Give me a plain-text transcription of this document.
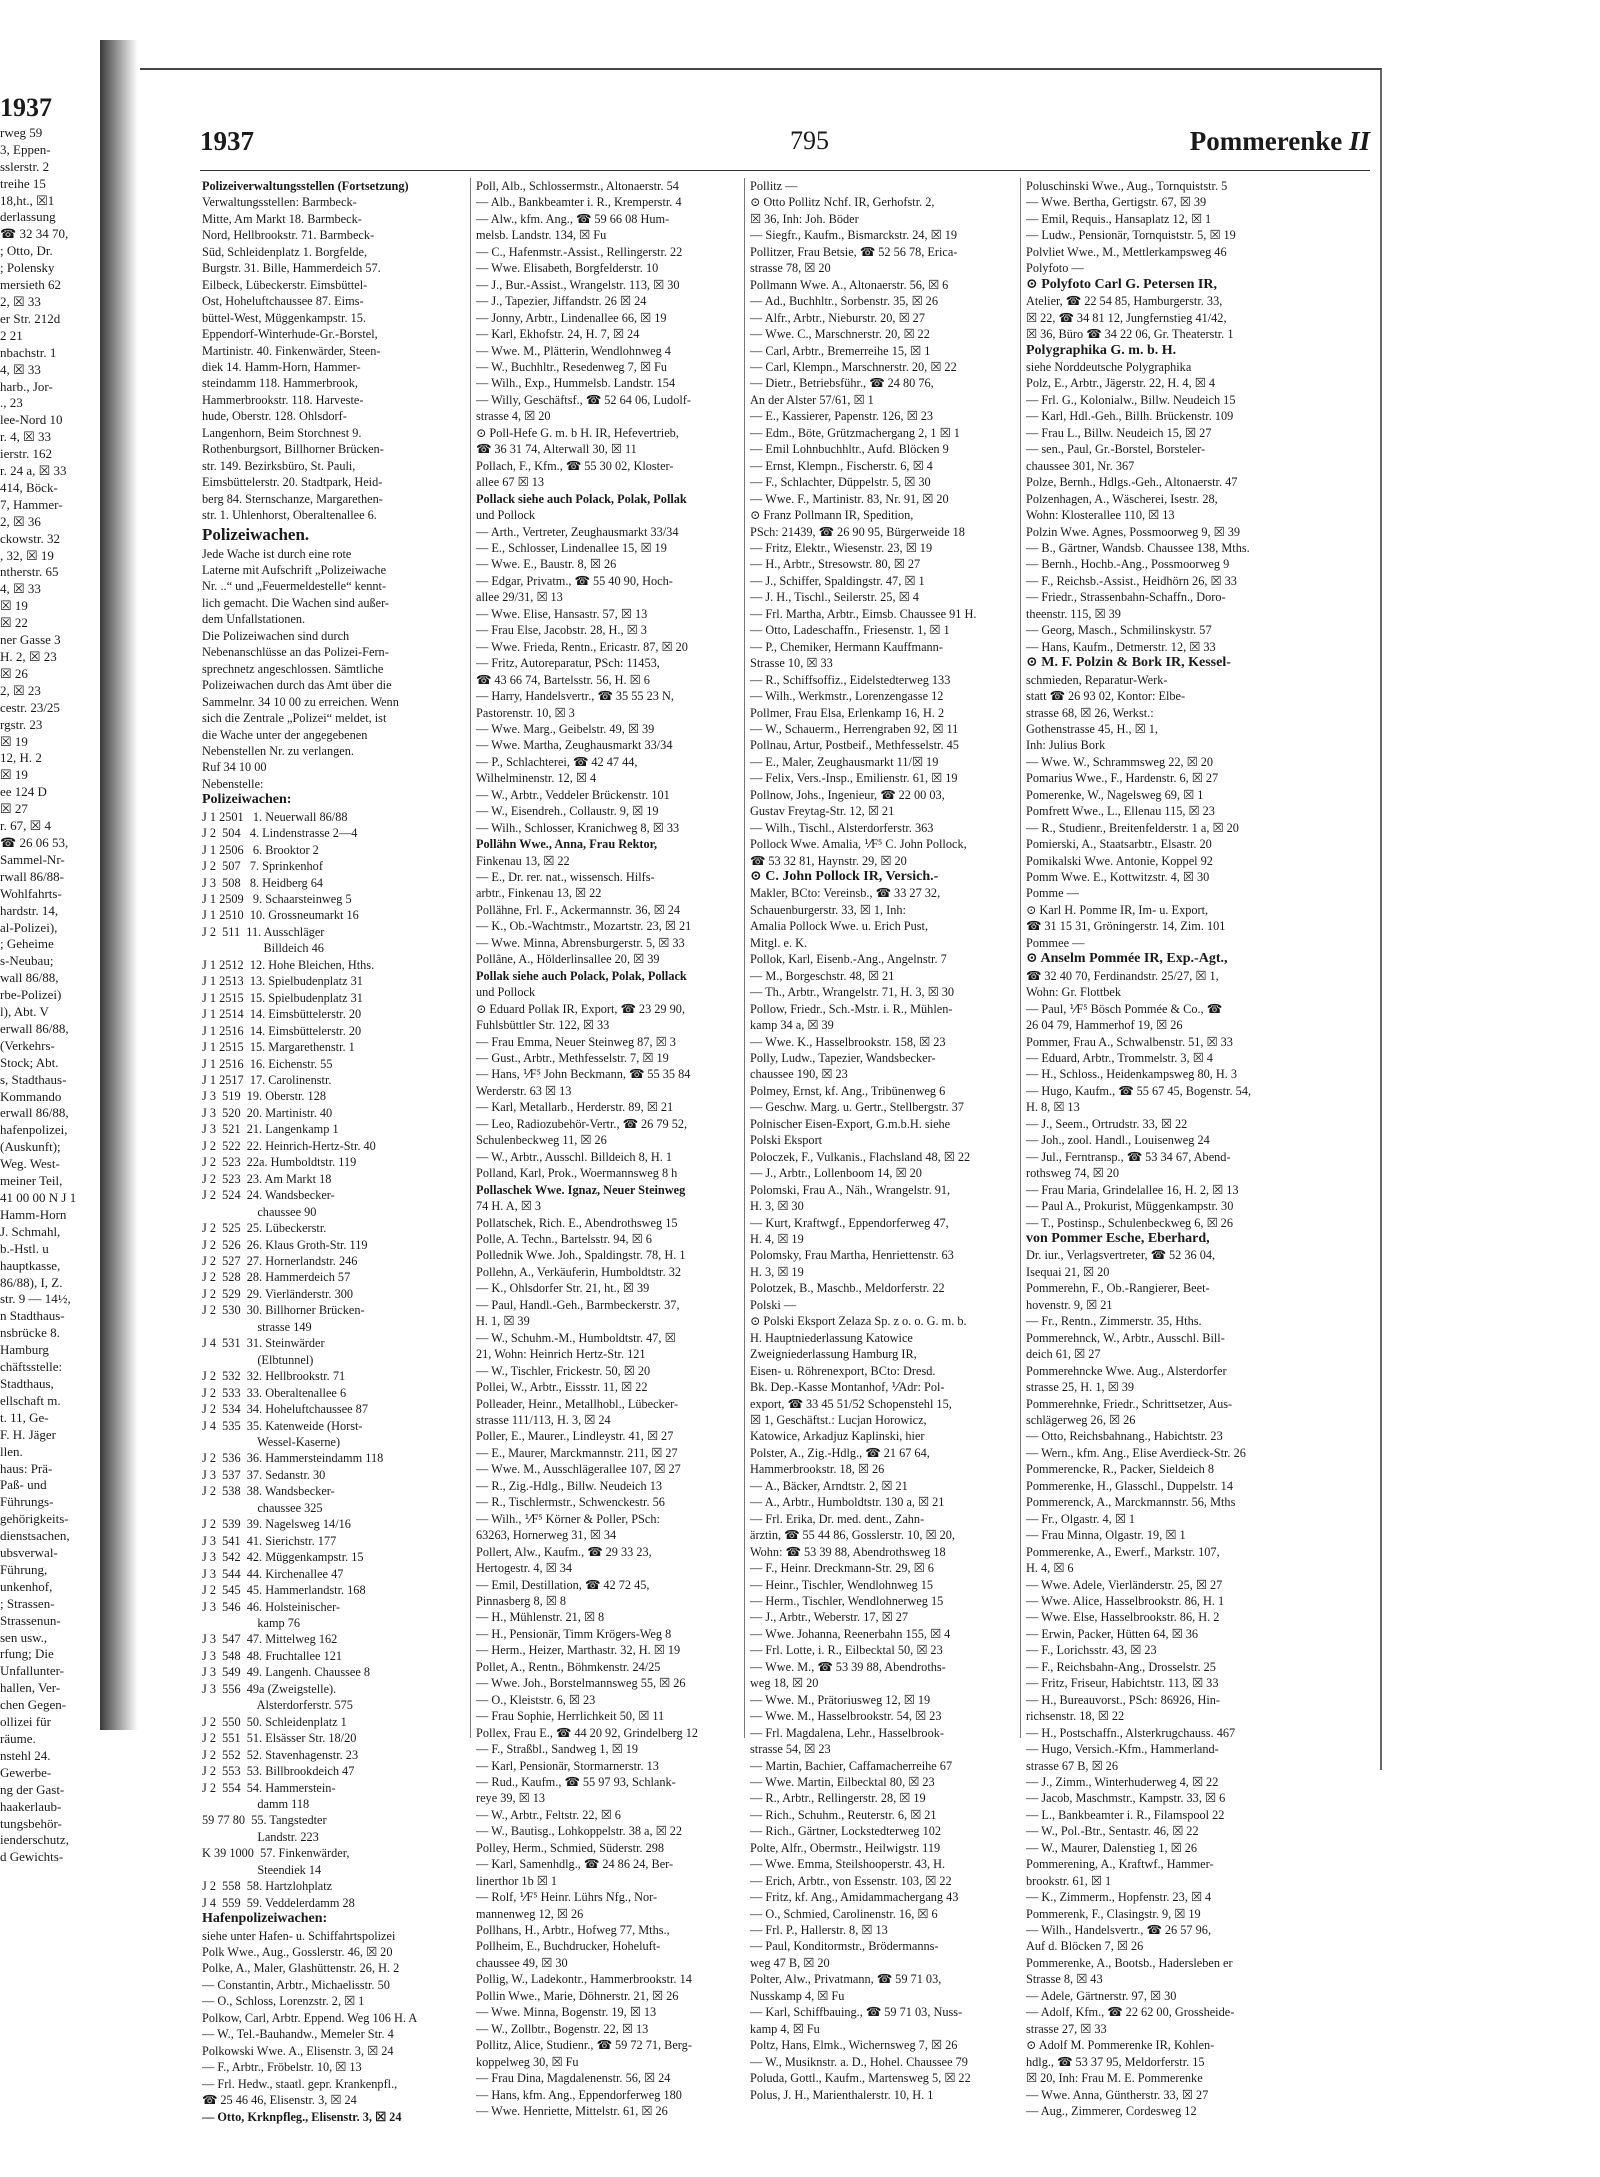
1937
rweg 59
3, Eppen-
sslerstr. 2
treihe 15
18,ht., ☒1
derlassung
☎ 32 34 70,
; Otto, Dr.
; Polensky
mersieth 62
2, ☒ 33
er Str. 212d
2 21
nbachstr. 1
4, ☒ 33
harb., Jor-
., 23
lee-Nord 10
r. 4, ☒ 33
ierstr. 162
r. 24 a, ☒ 33
414, Böck-
7, Hammer-
2, ☒ 36
ckowstr. 32
, 32, ☒ 19
ntherstr. 65
4, ☒ 33
☒ 19
☒ 22
ner Gasse 3
H. 2, ☒ 23
☒ 26
2, ☒ 23
cestr. 23/25
rgstr. 23
☒ 19
12, H. 2
☒ 19
ee 124 D
☒ 27
r. 67, ☒ 4
☎ 26 06 53,
Sammel-Nr-
rwall 86/88-
Wohlfahrts-
hardstr. 14,
al-Polizei),
; Geheime
s-Neubau;
wall 86/88,
rbe-Polizei)
l), Abt. V
erwall 86/88,
(Verkehrs-
Stock; Abt.
s, Stadthaus-
Kommando
erwall 86/88,
hafenpolizei,
(Auskunft);
Weg. West-
meiner Teil,
41 00 00 N J 1
Hamm-Horn
J. Schmahl,
b.-Hstl. u
hauptkasse,
86/88), I, Z.
str. 9 — 14½,
n Stadthaus-
nsbrücke 8.
Hamburg
chäftsstelle:
Stadthaus,
ellschaft m.
t. 11, Ge-
F. H. Jäger
llen.
haus: Prä-
Paß- und
Führungs-
gehörigkeits-
dienstsachen,
ubsverwal-
Führung,
unkenhof,
; Strassen-
Strassenun-
sen usw.,
rfung; Die
Unfallunter-
hallen, Ver-
chen Gegen-
ollizei für
räume.
nstehl 24.
Gewerbe-
ng der Gast-
haakerlaub-
tungsbehör-
ienderschutz,
d Gewichts-
1937	795	Pommerenke II
Polizeiverwaltungsstellen (Fortsetzung)
Verwaltungsstellen: Barmbeck-
Mitte, Am Markt 18. Barmbeck-
Nord, Hellbrookstr. 71. Barmbeck-
Süd, Schleidenplatz 1. Borgfelde,
Burgstr. 31. Bille, Hammerdeich 57.
Eilbeck, Lübeckerstr. Eimsbüttel-
Ost, Hoheluftchaussee 87. Eims-
büttel-West, Müggenkampstr. 15.
Eppendorf-Winterhude-Gr.-Borstel,
Martinistr. 40. Finkenwärder, Steen-
diek 14. Hamm-Horn, Hammer-
steindamm 118. Hammerbrook,
Hammerbrookstr. 118. Harveste-
hude, Oberstr. 128. Ohlsdorf-
Langenhorn, Beim Storchnest 9.
Rothenburgsort, Billhorner Brücken-
str. 149. Bezirksbüro, St. Pauli,
Eimsbüttelerstr. 20. Stadtpark, Heid-
berg 84. Sternschanze, Margarethen-
str. 1. Uhlenhorst, Oberaltenallee 6.
Polizeiwachen.
Jede Wache ist durch eine rote
Laterne mit Aufschrift „Polizeiwache
Nr. ..“ und „Feuermeldestelle“ kennt-
lich gemacht. Die Wachen sind außer-
dem Unfallstationen.
Die Polizeiwachen sind durch
Nebenanschlüsse an das Polizei-Fern-
sprechnetz angeschlossen. Sämtliche
Polizeiwachen durch das Amt über die
Sammelnr. 34 10 00 zu erreichen. Wenn
sich die Zentrale „Polizei“ meldet, ist
die Wache unter der angegebenen
Nebenstellen Nr. zu verlangen.
Ruf 34 10 00
Nebenstelle:
Polizeiwachen:
J 1 2501   1. Neuerwall 86/88
J 2  504   4. Lindenstrasse 2—4
J 1 2506   6. Brooktor 2
J 2  507   7. Sprinkenhof
J 3  508   8. Heidberg 64
J 1 2509   9. Schaarsteinweg 5
J 1 2510  10. Grossneumarkt 16
J 2  511  11. Ausschläger
Billdeich 46
J 1 2512  12. Hohe Bleichen, Hths.
J 1 2513  13. Spielbudenplatz 31
J 1 2515  15. Spielbudenplatz 31
J 1 2514  14. Eimsbüttelerstr. 20
J 1 2516  14. Eimsbüttelerstr. 20
J 1 2515  15. Margarethenstr. 1
J 1 2516  16. Eichenstr. 55
J 1 2517  17. Carolinenstr.
J 3  519  19. Oberstr. 128
J 3  520  20. Martinistr. 40
J 3  521  21. Langenkamp 1
J 2  522  22. Heinrich-Hertz-Str. 40
J 2  523  22a. Humboldtstr. 119
J 2  523  23. Am Markt 18
J 2  524  24. Wandsbecker-
chaussee 90
J 2  525  25. Lübeckerstr.
J 2  526  26. Klaus Groth-Str. 119
J 2  527  27. Hornerlandstr. 246
J 2  528  28. Hammerdeich 57
J 2  529  29. Vierländerstr. 300
J 2  530  30. Billhorner Brücken-
strasse 149
J 4  531  31. Steinwärder
(Elbtunnel)
J 2  532  32. Hellbrookstr. 71
J 2  533  33. Oberaltenallee 6
J 2  534  34. Hoheluftchaussee 87
J 4  535  35. Katenweide (Horst-
Wessel-Kaserne)
J 2  536  36. Hammersteindamm 118
J 3  537  37. Sedanstr. 30
J 2  538  38. Wandsbecker-
chaussee 325
J 2  539  39. Nagelsweg 14/16
J 3  541  41. Sierichstr. 177
J 3  542  42. Müggenkampstr. 15
J 3  544  44. Kirchenallee 47
J 2  545  45. Hammerlandstr. 168
J 3  546  46. Holsteinischer-
kamp 76
J 3  547  47. Mittelweg 162
J 3  548  48. Fruchtallee 121
J 3  549  49. Langenh. Chaussee 8
J 3  556  49a (Zweigstelle).
Alsterdorferstr. 575
J 2  550  50. Schleidenplatz 1
J 2  551  51. Elsässer Str. 18/20
J 2  552  52. Stavenhagenstr. 23
J 2  553  53. Billbrookdeich 47
J 2  554  54. Hammerstein-
damm 118
59 77 80  55. Tangstedter
Landstr. 223
K 39 1000  57. Finkenwärder,
Steendiek 14
J 2  558  58. Hartzlohplatz
J 4  559  59. Veddelerdamm 28
Hafenpolizeiwachen:
siehe unter Hafen- u. Schiffahrtspolizei
Polk Wwe., Aug., Gosslerstr. 46, ☒ 20
Polke, A., Maler, Glashüttenstr. 26, H. 2
— Constantin, Arbtr., Michaelisstr. 50
— O., Schloss, Lorenzstr. 2, ☒ 1
Polkow, Carl, Arbtr. Eppend. Weg 106 H. A
— W., Tel.-Bauhandw., Memeler Str. 4
Polkowski Wwe. A., Elisenstr. 3, ☒ 24
— F., Arbtr., Fröbelstr. 10, ☒ 13
— Frl. Hedw., staatl. gepr. Krankenpfl.,
☎ 25 46 46, Elisenstr. 3, ☒ 24
— Otto, Krknpfleg., Elisenstr. 3, ☒ 24
Poll, Alb., Schlossermstr., Altonaerstr. 54
— Alb., Bankbeamter i. R., Kremperstr. 4
— Alw., kfm. Ang., ☎ 59 66 08 Hum-
melsb. Landstr. 134, ☒ Fu
— C., Hafenmstr.-Assist., Rellingerstr. 22
— Wwe. Elisabeth, Borgfelderstr. 10
— J., Bur.-Assist., Wrangelstr. 113, ☒ 30
— J., Tapezier, Jiffandstr. 26 ☒ 24
— Jonny, Arbtr., Lindenallee 66, ☒ 19
— Karl, Ekhofstr. 24, H. 7, ☒ 24
— Wwe. M., Plätterin, Wendlohnweg 4
— W., Buchhltr., Resedenweg 7, ☒ Fu
— Wilh., Exp., Hummelsb. Landstr. 154
— Willy, Geschäftsf., ☎ 52 64 06, Ludolf-
strasse 4, ☒ 20
⊙ Poll-Hefe G. m. b H. IR, Hefevertrieb,
☎ 36 31 74, Alterwall 30, ☒ 11
Pollach, F., Kfm., ☎ 55 30 02, Kloster-
allee 67 ☒ 13
Pollack siehe auch Polack, Polak, Pollak
und Pollock
— Arth., Vertreter, Zeughausmarkt 33/34
— E., Schlosser, Lindenallee 15, ☒ 19
— Wwe. E., Baustr. 8, ☒ 26
— Edgar, Privatm., ☎ 55 40 90, Hoch-
allee 29/31, ☒ 13
— Wwe. Elise, Hansastr. 57, ☒ 13
— Frau Else, Jacobstr. 28, H., ☒ 3
— Wwe. Frieda, Rentn., Ericastr. 87, ☒ 20
— Fritz, Autoreparatur, PSch: 11453,
☎ 43 66 74, Bartelsstr. 56, H. ☒ 6
— Harry, Handelsvertr., ☎ 35 55 23 N,
Pastorenstr. 10, ☒ 3
— Wwe. Marg., Geibelstr. 49, ☒ 39
— Wwe. Martha, Zeughausmarkt 33/34
— P., Schlachterei, ☎ 42 47 44,
Wilhelminenstr. 12, ☒ 4
— W., Arbtr., Veddeler Brückenstr. 101
— W., Eisendreh., Collaustr. 9, ☒ 19
— Wilh., Schlosser, Kranichweg 8, ☒ 33
Pollähn Wwe., Anna, Frau Rektor,
Finkenau 13, ☒ 22
— E., Dr. rer. nat., wissensch. Hilfs-
arbtr., Finkenau 13, ☒ 22
Pollähne, Frl. F., Ackermannstr. 36, ☒ 24
— K., Ob.-Wachtmstr., Mozartstr. 23, ☒ 21
— Wwe. Minna, Abrensburgerstr. 5, ☒ 33
Pollâne, A., Hölderlinsallee 20, ☒ 39
Pollak siehe auch Polack, Polak, Pollack
und Pollock
⊙ Eduard Pollak IR, Export, ☎ 23 29 90,
Fuhlsbüttler Str. 122, ☒ 33
— Frau Emma, Neuer Steinweg 87, ☒ 3
— Gust., Arbtr., Methfesselstr. 7, ☒ 19
— Hans, ⅟F⁵ John Beckmann, ☎ 55 35 84
Werderstr. 63 ☒ 13
— Karl, Metallarb., Herderstr. 89, ☒ 21
— Leo, Radiozubehör-Vertr., ☎ 26 79 52,
Schulenbeckweg 11, ☒ 26
— W., Arbtr., Ausschl. Billdeich 8, H. 1
Polland, Karl, Prok., Woermannsweg 8 h
Pollaschek Wwe. Ignaz, Neuer Steinweg
74 H. A, ☒ 3
Pollatschek, Rich. E., Abendrothsweg 15
Polle, A. Techn., Bartelsstr. 94, ☒ 6
Pollednik Wwe. Joh., Spaldingstr. 78, H. 1
Pollehn, A., Verkäuferin, Humboldtstr. 32
— K., Ohlsdorfer Str. 21, ht., ☒ 39
— Paul, Handl.-Geh., Barmbeckerstr. 37,
H. 1, ☒ 39
— W., Schuhm.-M., Humboldtstr. 47, ☒
21, Wohn: Heinrich Hertz-Str. 121
— W., Tischler, Frickestr. 50, ☒ 20
Pollei, W., Arbtr., Eissstr. 11, ☒ 22
Polleader, Heinr., Metallhobl., Lübecker-
strasse 111/113, H. 3, ☒ 24
Poller, E., Maurer., Lindleystr. 41, ☒ 27
— E., Maurer, Marckmannstr. 211, ☒ 27
— Wwe. M., Ausschlägerallee 107, ☒ 27
— R., Zig.-Hdlg., Billw. Neudeich 13
— R., Tischlermstr., Schwenckestr. 56
— Wilh., ⅟F⁵ Körner & Poller, PSch:
63263, Hornerweg 31, ☒ 34
Pollert, Alw., Kaufm., ☎ 29 33 23,
Hertogestr. 4, ☒ 34
— Emil, Destillation, ☎ 42 72 45,
Pinnasberg 8, ☒ 8
— H., Mühlenstr. 21, ☒ 8
— H., Pensionär, Timm Krögers-Weg 8
— Herm., Heizer, Marthastr. 32, H. ☒ 19
Pollet, A., Rentn., Böhmkenstr. 24/25
— Wwe. Joh., Borstelmannsweg 55, ☒ 26
— O., Kleiststr. 6, ☒ 23
— Frau Sophie, Herrlichkeit 50, ☒ 11
Pollex, Frau E., ☎ 44 20 92, Grindelberg 12
— F., Straßbl., Sandweg 1, ☒ 19
— Karl, Pensionär, Stormarnerstr. 13
— Rud., Kaufm., ☎ 55 97 93, Schlank-
reye 39, ☒ 13
— W., Arbtr., Feltstr. 22, ☒ 6
— W., Bautisg., Lohkoppelstr. 38 a, ☒ 22
Polley, Herm., Schmied, Süderstr. 298
— Karl, Samenhdlg., ☎ 24 86 24, Ber-
linerthor 1b ☒ 1
— Rolf, ⅟F⁵ Heinr. Lührs Nfg., Nor-
mannenweg 12, ☒ 26
Pollhans, H., Arbtr., Hofweg 77, Mths.,
Pollheim, E., Buchdrucker, Hoheluft-
chaussee 49, ☒ 30
Pollig, W., Ladekontr., Hammerbrookstr. 14
Pollin Wwe., Marie, Döhnerstr. 21, ☒ 26
— Wwe. Minna, Bogenstr. 19, ☒ 13
— W., Zollbtr., Bogenstr. 22, ☒ 13
Pollitz, Alice, Studienr., ☎ 59 72 71, Berg-
koppelweg 30, ☒ Fu
— Frau Dina, Magdalenenstr. 56, ☒ 24
— Hans, kfm. Ang., Eppendorferweg 180
— Wwe. Henriette, Mittelstr. 61, ☒ 26
Pollitz —
⊙ Otto Pollitz Nchf. IR, Gerhofstr. 2,
☒ 36, Inh: Joh. Böder
— Siegfr., Kaufm., Bismarckstr. 24, ☒ 19
Pollitzer, Frau Betsie, ☎ 52 56 78, Erica-
strasse 78, ☒ 20
Pollmann Wwe. A., Altonaerstr. 56, ☒ 6
— Ad., Buchhltr., Sorbenstr. 35, ☒ 26
— Alfr., Arbtr., Nieburstr. 20, ☒ 27
— Wwe. C., Marschnerstr. 20, ☒ 22
— Carl, Arbtr., Bremerreihe 15, ☒ 1
— Carl, Klempn., Marschnerstr. 20, ☒ 22
— Dietr., Betriebsführ., ☎ 24 80 76,
An der Alster 57/61, ☒ 1
— E., Kassierer, Papenstr. 126, ☒ 23
— Edm., Böte, Grützmachergang 2, 1 ☒ 1
— Emil Lohnbuchhltr., Aufd. Blöcken 9
— Ernst, Klempn., Fischerstr. 6, ☒ 4
— F., Schlachter, Düppelstr. 5, ☒ 30
— Wwe. F., Martinistr. 83, Nr. 91, ☒ 20
⊙ Franz Pollmann IR, Spedition,
PSch: 21439, ☎ 26 90 95, Bürgerweide 18
— Fritz, Elektr., Wiesenstr. 23, ☒ 19
— H., Arbtr., Stresowstr. 80, ☒ 27
— J., Schiffer, Spaldingstr. 47, ☒ 1
— J. H., Tischl., Seilerstr. 25, ☒ 4
— Frl. Martha, Arbtr., Eimsb. Chaussee 91 H.
— Otto, Ladeschaffn., Friesenstr. 1, ☒ 1
— P., Chemiker, Hermann Kauffmann-
Strasse 10, ☒ 33
— R., Schiffsoffiz., Eidelstedterweg 133
— Wilh., Werkmstr., Lorenzengasse 12
Pollmer, Frau Elsa, Erlenkamp 16, H. 2
— W., Schauerm., Herrengraben 92, ☒ 11
Pollnau, Artur, Postbeif., Methfesselstr. 45
— E., Maler, Zeughausmarkt 11/☒ 19
— Felix, Vers.-Insp., Emilienstr. 61, ☒ 19
Pollnow, Johs., Ingenieur, ☎ 22 00 03,
Gustav Freytag-Str. 12, ☒ 21
— Wilh., Tischl., Alsterdorferstr. 363
Pollock Wwe. Amalia, ⅟F⁵ C. John Pollock,
☎ 53 32 81, Haynstr. 29, ☒ 20
⊙ C. John Pollock IR, Versich.-
Makler, BCto: Vereinsb., ☎ 33 27 32,
Schauenburgerstr. 33, ☒ 1, Inh:
Amalia Pollock Wwe. u. Erich Pust,
Mitgl. e. K.
Pollok, Karl, Eisenb.-Ang., Angelnstr. 7
— M., Borgeschstr. 48, ☒ 21
— Th., Arbtr., Wrangelstr. 71, H. 3, ☒ 30
Pollow, Friedr., Sch.-Mstr. i. R., Mühlen-
kamp 34 a, ☒ 39
— Wwe. K., Hasselbrookstr. 158, ☒ 23
Polly, Ludw., Tapezier, Wandsbecker-
chaussee 190, ☒ 23
Polmey, Ernst, kf. Ang., Tribünenweg 6
— Geschw. Marg. u. Gertr., Stellbergstr. 37
Polnischer Eisen-Export, G.m.b.H. siehe
Polski Eksport
Poloczek, F., Vulkanis., Flachsland 48, ☒ 22
— J., Arbtr., Lollenboom 14, ☒ 20
Polomski, Frau A., Näh., Wrangelstr. 91,
H. 3, ☒ 30
— Kurt, Kraftwgf., Eppendorferweg 47,
H. 4, ☒ 19
Polomsky, Frau Martha, Henriettenstr. 63
H. 3, ☒ 19
Polotzek, B., Maschb., Meldorferstr. 22
Polski —
⊙ Polski Eksport Zelaza Sp. z o. o. G. m. b.
H. Hauptniederlassung Katowice
Zweigniederlassung Hamburg IR,
Eisen- u. Röhrenexport, BCto: Dresd.
Bk. Dep.-Kasse Montanhof, ⅟Adr: Pol-
export, ☎ 33 45 51/52 Schopenstehl 15,
☒ 1, Geschäftst.: Lucjan Horowicz,
Katowice, Arkadjuz Kaplinski, hier
Polster, A., Zig.-Hdlg., ☎ 21 67 64,
Hammerbrookstr. 18, ☒ 26
— A., Bäcker, Arndtstr. 2, ☒ 21
— A., Arbtr., Humboldtstr. 130 a, ☒ 21
— Frl. Erika, Dr. med. dent., Zahn-
ärztin, ☎ 55 44 86, Gosslerstr. 10, ☒ 20,
Wohn: ☎ 53 39 88, Abendrothsweg 18
— F., Heinr. Dreckmann-Str. 29, ☒ 6
— Heinr., Tischler, Wendlohnweg 15
— Herm., Tischler, Wendlohnerweg 15
— J., Arbtr., Weberstr. 17, ☒ 27
— Wwe. Johanna, Reenerbahn 155, ☒ 4
— Frl. Lotte, i. R., Eilbecktal 50, ☒ 23
— Wwe. M., ☎ 53 39 88, Abendroths-
weg 18, ☒ 20
— Wwe. M., Prätoriusweg 12, ☒ 19
— Wwe. M., Hasselbrookstr. 54, ☒ 23
— Frl. Magdalena, Lehr., Hasselbrook-
strasse 54, ☒ 23
— Martin, Bachier, Caffamacherreihe 67
— Wwe. Martin, Eilbecktal 80, ☒ 23
— R., Arbtr., Rellingerstr. 28, ☒ 19
— Rich., Schuhm., Reuterstr. 6, ☒ 21
— Rich., Gärtner, Lockstedterweg 102
Polte, Alfr., Obermstr., Heilwigstr. 119
— Wwe. Emma, Steilshooperstr. 43, H.
— Erich, Arbtr., von Essenstr. 103, ☒ 22
— Fritz, kf. Ang., Amidammachergang 43
— O., Schmied, Carolinenstr. 16, ☒ 6
— Frl. P., Hallerstr. 8, ☒ 13
— Paul, Konditormstr., Brödermanns-
weg 47 B, ☒ 20
Polter, Alw., Privatmann, ☎ 59 71 03,
Nusskamp 4, ☒ Fu
— Karl, Schiffbauing., ☎ 59 71 03, Nuss-
kamp 4, ☒ Fu
Poltz, Hans, Elmk., Wichernsweg 7, ☒ 26
— W., Musiknstr. a. D., Hohel. Chaussee 79
Poluda, Gottl., Kaufm., Martensweg 5, ☒ 22
Polus, J. H., Marienthalerstr. 10, H. 1
Poluschinski Wwe., Aug., Tornquiststr. 5
— Wwe. Bertha, Gertigstr. 67, ☒ 39
— Emil, Requis., Hansaplatz 12, ☒ 1
— Ludw., Pensionär, Tornquiststr. 5, ☒ 19
Polvliet Wwe., M., Mettlerkampsweg 46
Polyfoto —
⊙ Polyfoto Carl G. Petersen IR,
Atelier, ☎ 22 54 85, Hamburgerstr. 33,
☒ 22, ☎ 34 81 12, Jungfernstieg 41/42,
☒ 36, Büro ☎ 34 22 06, Gr. Theaterstr. 1
Polygraphika G. m. b. H.
siehe Norddeutsche Polygraphika
Polz, E., Arbtr., Jägerstr. 22, H. 4, ☒ 4
— Frl. G., Kolonialw., Billw. Neudeich 15
— Karl, Hdl.-Geh., Billh. Brückenstr. 109
— Frau L., Billw. Neudeich 15, ☒ 27
— sen., Paul, Gr.-Borstel, Borsteler-
chaussee 301, Nr. 367
Polze, Bernh., Hdlgs.-Geh., Altonaerstr. 47
Polzenhagen, A., Wäscherei, Isestr. 28,
Wohn: Klosterallee 110, ☒ 13
Polzin Wwe. Agnes, Possmoorweg 9, ☒ 39
— B., Gärtner, Wandsb. Chaussee 138, Mths.
— Bernh., Hochb.-Ang., Possmoorweg 9
— F., Reichsb.-Assist., Heidhörn 26, ☒ 33
— Friedr., Strassenbahn-Schaffn., Doro-
theenstr. 115, ☒ 39
— Georg, Masch., Schmilinskystr. 57
— Hans, Kaufm., Detmerstr. 12, ☒ 33
⊙ M. F. Polzin & Bork IR, Kessel-
schmieden, Reparatur-Werk-
statt ☎ 26 93 02, Kontor: Elbe-
strasse 68, ☒ 26, Werkst.:
Gothenstrasse 45, H., ☒ 1,
Inh: Julius Bork
— Wwe. W., Schrammsweg 22, ☒ 20
Pomarius Wwe., F., Hardenstr. 6, ☒ 27
Pomerenke, W., Nagelsweg 69, ☒ 1
Pomfrett Wwe., L., Ellenau 115, ☒ 23
— R., Studienr., Breitenfelderstr. 1 a, ☒ 20
Pomierski, A., Staatsarbtr., Elsastr. 20
Pomikalski Wwe. Antonie, Koppel 92
Pomm Wwe. E., Kottwitzstr. 4, ☒ 30
Pomme —
⊙ Karl H. Pomme IR, Im- u. Export,
☎ 31 15 31, Gröningerstr. 14, Zim. 101
Pommee —
⊙ Anselm Pommée IR, Exp.-Agt.,
☎ 32 40 70, Ferdinandstr. 25/27, ☒ 1,
Wohn: Gr. Flottbek
— Paul, ⅟F⁵ Bösch Pommée & Co., ☎
26 04 79, Hammerhof 19, ☒ 26
Pommer, Frau A., Schwalbenstr. 51, ☒ 33
— Eduard, Arbtr., Trommelstr. 3, ☒ 4
— H., Schloss., Heidenkampsweg 80, H. 3
— Hugo, Kaufm., ☎ 55 67 45, Bogenstr. 54,
H. 8, ☒ 13
— J., Seem., Ortrudstr. 33, ☒ 22
— Joh., zool. Handl., Louisenweg 24
— Jul., Ferntransp., ☎ 53 34 67, Abend-
rothsweg 74, ☒ 20
— Frau Maria, Grindelallee 16, H. 2, ☒ 13
— Paul A., Prokurist, Müggenkampstr. 30
— T., Postinsp., Schulenbeckweg 6, ☒ 26
von Pommer Esche, Eberhard,
Dr. iur., Verlagsvertreter, ☎ 52 36 04,
Isequai 21, ☒ 20
Pommerehn, F., Ob.-Rangierer, Beet-
hovenstr. 9, ☒ 21
— Fr., Rentn., Zimmerstr. 35, Hths.
Pommerehnck, W., Arbtr., Ausschl. Bill-
deich 61, ☒ 27
Pommerehncke Wwe. Aug., Alsterdorfer
strasse 25, H. 1, ☒ 39
Pommerehnke, Friedr., Schrittsetzer, Aus-
schlägerweg 26, ☒ 26
— Otto, Reichsbahnang., Habichtstr. 23
— Wern., kfm. Ang., Elise Averdieck-Str. 26
Pommerencke, R., Packer, Sieldeich 8
Pommerenke, H., Glasschl., Duppelstr. 14
Pommerenck, A., Marckmannstr. 56, Mths
— Fr., Olgastr. 4, ☒ 1
— Frau Minna, Olgastr. 19, ☒ 1
Pommerenke, A., Ewerf., Markstr. 107,
H. 4, ☒ 6
— Wwe. Adele, Vierländerstr. 25, ☒ 27
— Wwe. Alice, Hasselbrookstr. 86, H. 1
— Wwe. Else, Hasselbrookstr. 86, H. 2
— Erwin, Packer, Hütten 64, ☒ 36
— F., Lorichsstr. 43, ☒ 23
— F., Reichsbahn-Ang., Drosselstr. 25
— Fritz, Friseur, Habichtstr. 113, ☒ 33
— H., Bureauvorst., PSch: 86926, Hin-
richsenstr. 18, ☒ 22
— H., Postschaffn., Alsterkrugchauss. 467
— Hugo, Versich.-Kfm., Hammerland-
strasse 67 B, ☒ 26
— J., Zimm., Winterhuderweg 4, ☒ 22
— Jacob, Maschmstr., Kampstr. 33, ☒ 6
— L., Bankbeamter i. R., Filamspool 22
— W., Pol.-Btr., Sentastr. 46, ☒ 22
— W., Maurer, Dalenstieg 1, ☒ 26
Pommerening, A., Kraftwf., Hammer-
brookstr. 61, ☒ 1
— K., Zimmerm., Hopfenstr. 23, ☒ 4
Pommerenk, F., Clasingstr. 9, ☒ 19
— Wilh., Handelsvertr., ☎ 26 57 96,
Auf d. Blöcken 7, ☒ 26
Pommerenke, A., Bootsb., Hadersleben er
Strasse 8, ☒ 43
— Adele, Gärtnerstr. 97, ☒ 30
— Adolf, Kfm., ☎ 22 62 00, Grossheide-
strasse 27, ☒ 33
⊙ Adolf M. Pommerenke IR, Kohlen-
hdlg., ☎ 53 37 95, Meldorferstr. 15
☒ 20, Inh: Frau M. E. Pommerenke
— Wwe. Anna, Güntherstr. 33, ☒ 27
— Aug., Zimmerer, Cordesweg 12
